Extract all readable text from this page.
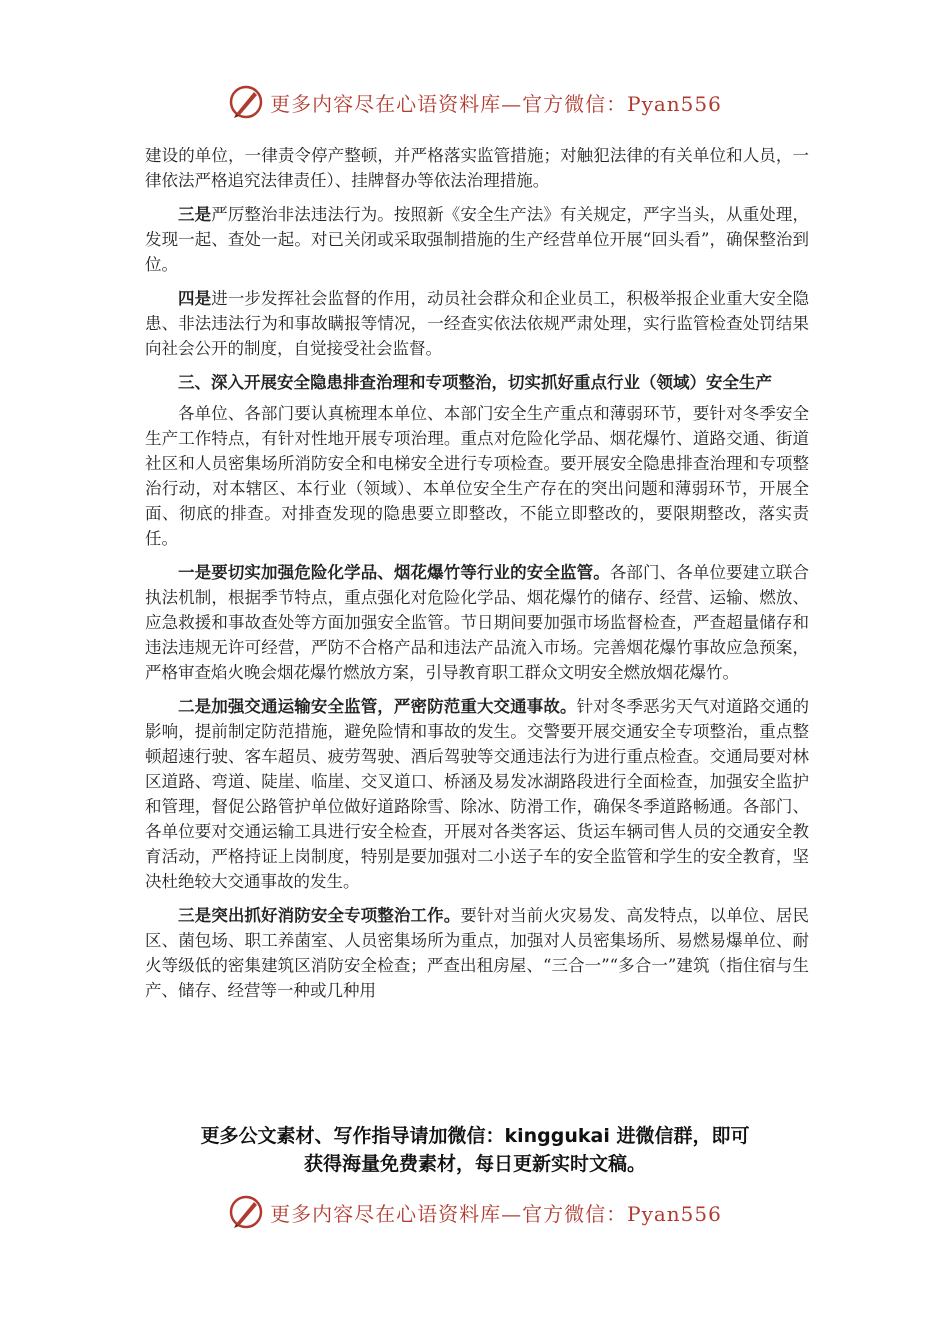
更多内容尽在心语资料库—官方微信：Pyan556

建设的单位，一律责令停产整顿，并严格落实监管措施；对触犯法律的有关单位和人员，一律依法严格追究法律责任）、挂牌督办等依法治理措施。

三是严厉整治非法违法行为。按照新《安全生产法》有关规定，严字当头，从重处理，发现一起、查处一起。对已关闭或采取强制措施的生产经营单位开展“回头看”，确保整治到位。

四是进一步发挥社会监督的作用，动员社会群众和企业员工，积极举报企业重大安全隐患、非法违法行为和事故瞒报等情况，一经查实依法依规严肃处理，实行监管检查处罚结果向社会公开的制度，自觉接受社会监督。

三、深入开展安全隐患排查治理和专项整治，切实抓好重点行业（领域）安全生产

各单位、各部门要认真梳理本单位、本部门安全生产重点和薄弱环节，要针对冬季安全生产工作特点，有针对性地开展专项治理。重点对危险化学品、烟花爆竹、道路交通、街道社区和人员密集场所消防安全和电梯安全进行专项检查。要开展安全隐患排查治理和专项整治行动，对本辖区、本行业（领域）、本单位安全生产存在的突出问题和薄弱环节，开展全面、彻底的排查。对排查发现的隐患要立即整改，不能立即整改的，要限期整改，落实责任。

一是要切实加强危险化学品、烟花爆竹等行业的安全监管。各部门、各单位要建立联合执法机制，根据季节特点，重点强化对危险化学品、烟花爆竹的储存、经营、运输、燃放、应急救援和事故查处等方面加强安全监管。节日期间要加强市场监督检查，严查超量储存和违法违规无许可经营，严防不合格产品和违法产品流入市场。完善烟花爆竹事故应急预案，严格审查焰火晚会烟花爆竹燃放方案，引导教育职工群众文明安全燃放烟花爆竹。

二是加强交通运输安全监管，严密防范重大交通事故。针对冬季恶劣天气对道路交通的影响，提前制定防范措施，避免险情和事故的发生。交警要开展交通安全专项整治，重点整顿超速行驶、客车超员、疲劳驾驶、酒后驾驶等交通违法行为进行重点检查。交通局要对林区道路、弯道、陡崖、临崖、交叉道口、桥涵及易发冰湖路段进行全面检查，加强安全监护和管理，督促公路管护单位做好道路除雪、除冰、防滑工作，确保冬季道路畅通。各部门、各单位要对交通运输工具进行安全检查，开展对各类客运、货运车辆司售人员的交通安全教育活动，严格持证上岗制度，特别是要加强对二小送子车的安全监管和学生的安全教育，坚决杜绝较大交通事故的发生。

三是突出抓好消防安全专项整治工作。要针对当前火灾易发、高发特点，以单位、居民区、菌包场、职工养菌室、人员密集场所为重点，加强对人员密集场所、易燃易爆单位、耐火等级低的密集建筑区消防安全检查；严查出租房屋、“三合一”“多合一”建筑（指住宿与生产、储存、经营等一种或几种用

更多公文素材、写作指导请加微信：kinggukai 进微信群，即可
获得海量免费素材，每日更新实时文稿。
更多内容尽在心语资料库—官方微信：Pyan556
